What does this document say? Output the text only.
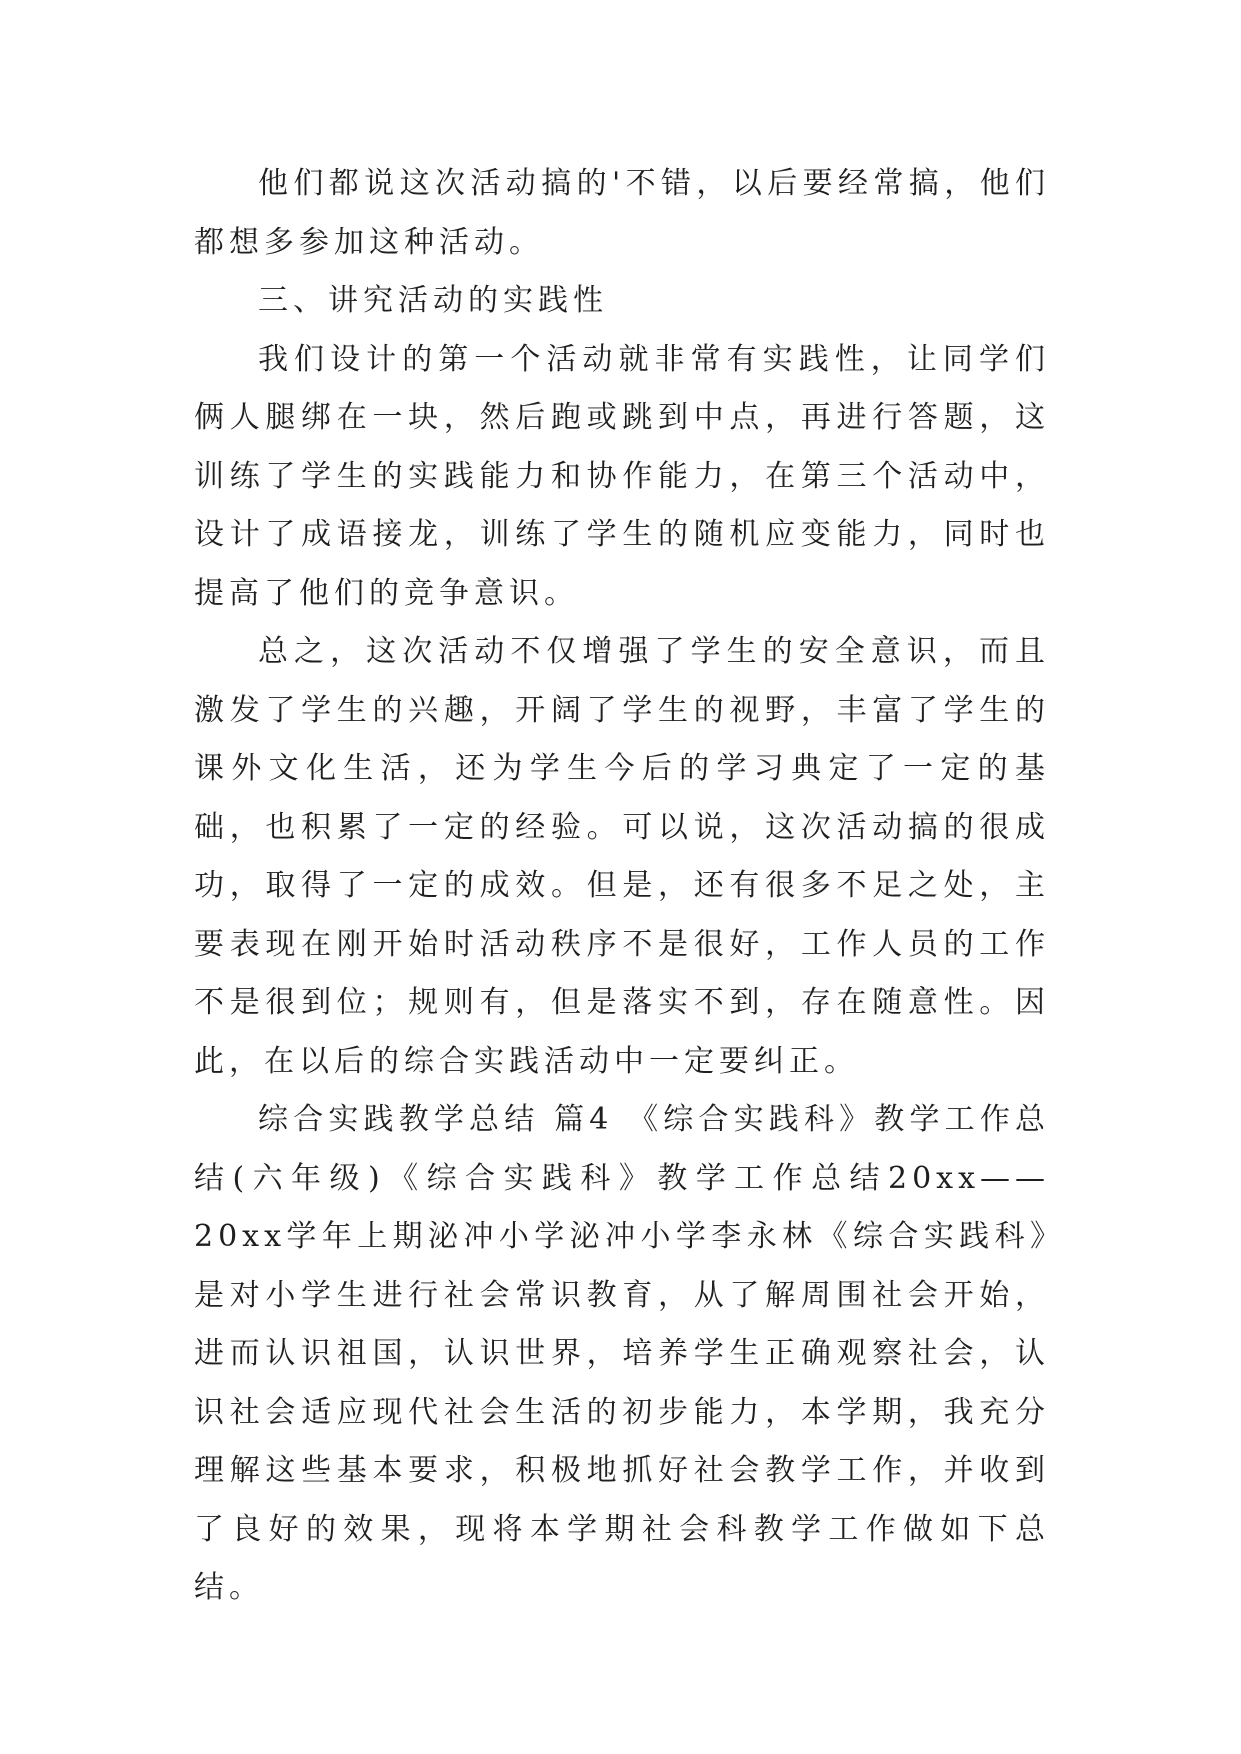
他们都说这次活动搞的'不错，以后要经常搞，他们都想多参加这种活动。

三、讲究活动的实践性

我们设计的第一个活动就非常有实践性，让同学们俩人腿绑在一块，然后跑或跳到中点，再进行答题，这训练了学生的实践能力和协作能力，在第三个活动中，设计了成语接龙，训练了学生的随机应变能力，同时也提高了他们的竞争意识。

总之，这次活动不仅增强了学生的安全意识，而且激发了学生的兴趣，开阔了学生的视野，丰富了学生的课外文化生活，还为学生今后的学习典定了一定的基础，也积累了一定的经验。可以说，这次活动搞的很成功，取得了一定的成效。但是，还有很多不足之处，主要表现在刚开始时活动秩序不是很好，工作人员的工作不是很到位；规则有，但是落实不到，存在随意性。因此，在以后的综合实践活动中一定要纠正。

综合实践教学总结 篇4 《综合实践科》教学工作总结(六年级)《综合实践科》教学工作总结20xx——20xx学年上期泌冲小学泌冲小学李永林《综合实践科》是对小学生进行社会常识教育，从了解周围社会开始，进而认识祖国，认识世界，培养学生正确观察社会，认识社会适应现代社会生活的初步能力，本学期，我充分理解这些基本要求，积极地抓好社会教学工作，并收到了良好的效果，现将本学期社会科教学工作做如下总结。
